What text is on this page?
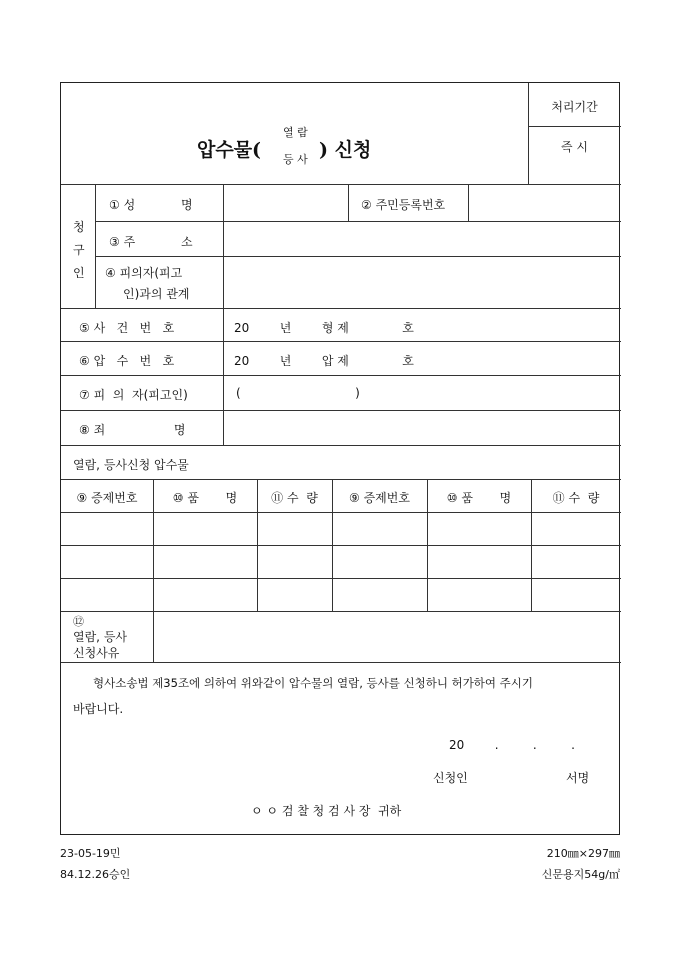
처리기간
즉 시
압수물(
열 람
등 사 ) 신청
청
구
인
① 성            명	② 주민등록번호
③ 주            소
④ 피의자(피고
인)과의 관계
⑤ 사   건   번   호	20        년        형 제              호
⑥ 압   수   번   호	20        년        압 제              호
⑦ 피  의  자(피고인)	(                              )
⑧ 죄                  명
열람, 등사신청 압수물
⑨ 증제번호	⑩ 품       명	⑪ 수  량	⑨ 증제번호	⑩ 품       명	⑪ 수  량
⑫
열람, 등사
신청사유
형사소송법 제35조에 의하여 위와같이 압수물의 열람, 등사를 신청하니 허가하여 주시기
바랍니다.
20        .         .         .
신청인	서명
ㅇ ㅇ 검 찰 청 검 사 장  귀하
23-05-19민
84.12.26승인
210㎜×297㎜
신문용지54g/㎡
